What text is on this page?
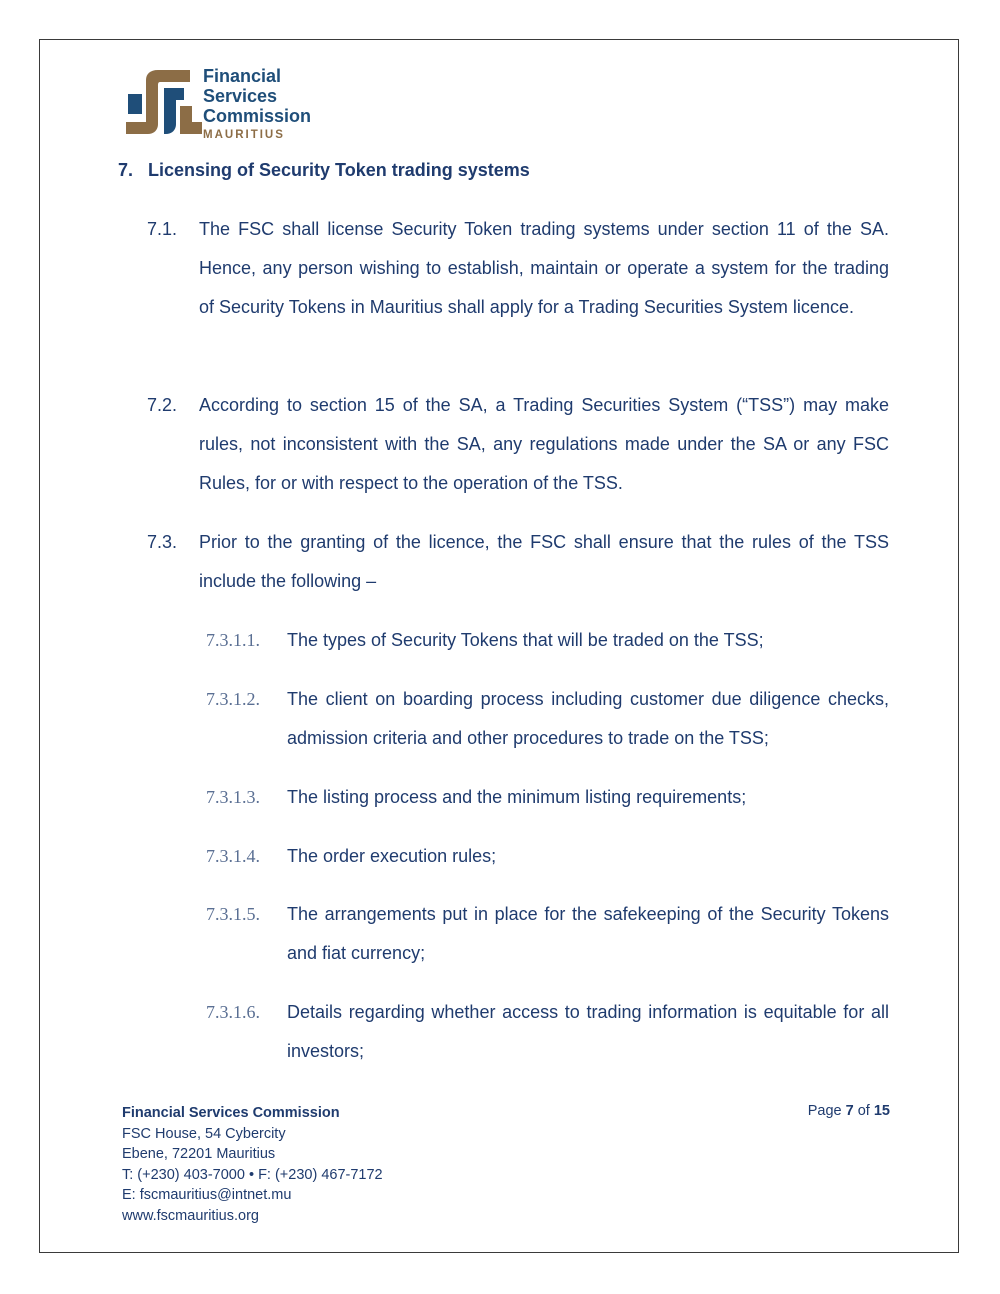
Financial
Services
Commission
MAURITIUS
7. Licensing of Security Token trading systems
7.1. The FSC shall license Security Token trading systems under section 11 of the SA. Hence, any person wishing to establish, maintain or operate a system for the trading of Security Tokens in Mauritius shall apply for a Trading Securities System licence.
7.2. According to section 15 of the SA, a Trading Securities System (“TSS”) may make rules, not inconsistent with the SA, any regulations made under the SA or any FSC Rules, for or with respect to the operation of the TSS.
7.3. Prior to the granting of the licence, the FSC shall ensure that the rules of the TSS include the following –
7.3.1.1. The types of Security Tokens that will be traded on the TSS;
7.3.1.2. The client on boarding process including customer due diligence checks, admission criteria and other procedures to trade on the TSS;
7.3.1.3. The listing process and the minimum listing requirements;
7.3.1.4. The order execution rules;
7.3.1.5. The arrangements put in place for the safekeeping of the Security Tokens and fiat currency;
7.3.1.6. Details regarding whether access to trading information is equitable for all investors;
Financial Services Commission
FSC House, 54 Cybercity
Ebene, 72201 Mauritius
T: (+230) 403-7000 • F: (+230) 467-7172
E: fscmauritius@intnet.mu
www.fscmauritius.org
Page 7 of 15
